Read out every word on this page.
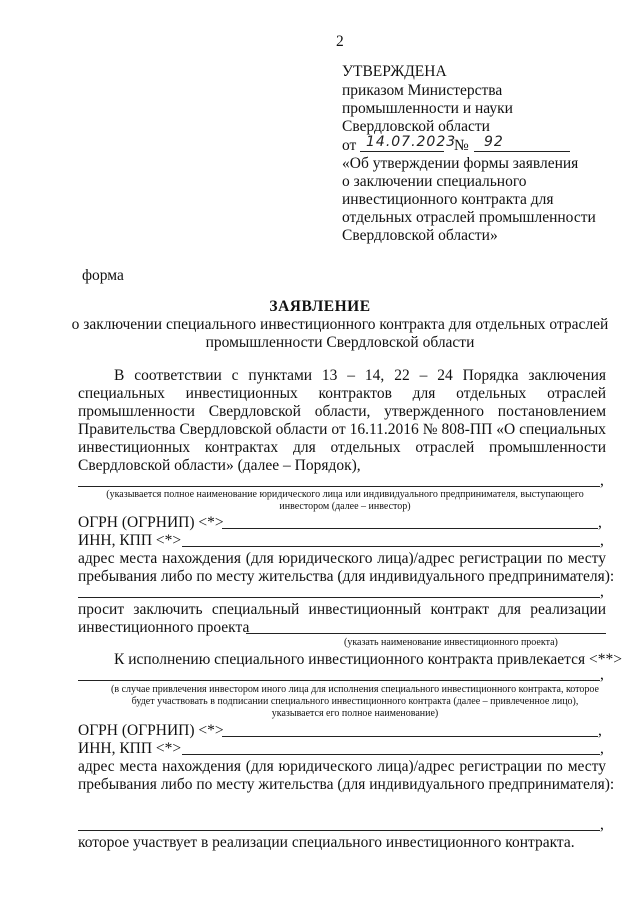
2
УТВЕРЖДЕНА
приказом Министерства
промышленности и науки
Свердловской области
от 14.07.2023
№ 92
«Об утверждении формы заявления
о заключении специального
инвестиционного контракта для
отдельных отраслей промышленности
Свердловской области»
форма
ЗАЯВЛЕНИЕ
о заключении специального инвестиционного контракта для отдельных отраслей
промышленности Свердловской области
В соответствии с пунктами 13 – 14, 22 – 24 Порядка заключения
специальных инвестиционных контрактов для отдельных отраслей
промышленности Свердловской области, утвержденного постановлением
Правительства Свердловской области от 16.11.2016 № 808-ПП «О специальных
инвестиционных контрактах для отдельных отраслей промышленности
Свердловской области» (далее – Порядок),
,
(указывается полное наименование юридического лица или индивидуального предпринимателя, выступающего
инвестором (далее – инвестор)
ОГРН (ОГРНИП) <*>	,
ИНН, КПП <*>	,
адрес места нахождения (для юридического лица)/адрес регистрации по месту
пребывания либо по месту жительства (для индивидуального предпринимателя):
,
просит заключить специальный инвестиционный контракт для реализации
инвестиционного проекта
(указать наименование инвестиционного проекта)
К исполнению специального инвестиционного контракта привлекается <**>
,
(в случае привлечения инвестором иного лица для исполнения специального инвестиционного контракта, которое
будет участвовать в подписании специального инвестиционного контракта (далее – привлеченное лицо),
указывается его полное наименование)
ОГРН (ОГРНИП) <*>	,
ИНН, КПП <*>	,
адрес места нахождения (для юридического лица)/адрес регистрации по месту
пребывания либо по месту жительства (для индивидуального предпринимателя):
,
которое участвует в реализации специального инвестиционного контракта.
